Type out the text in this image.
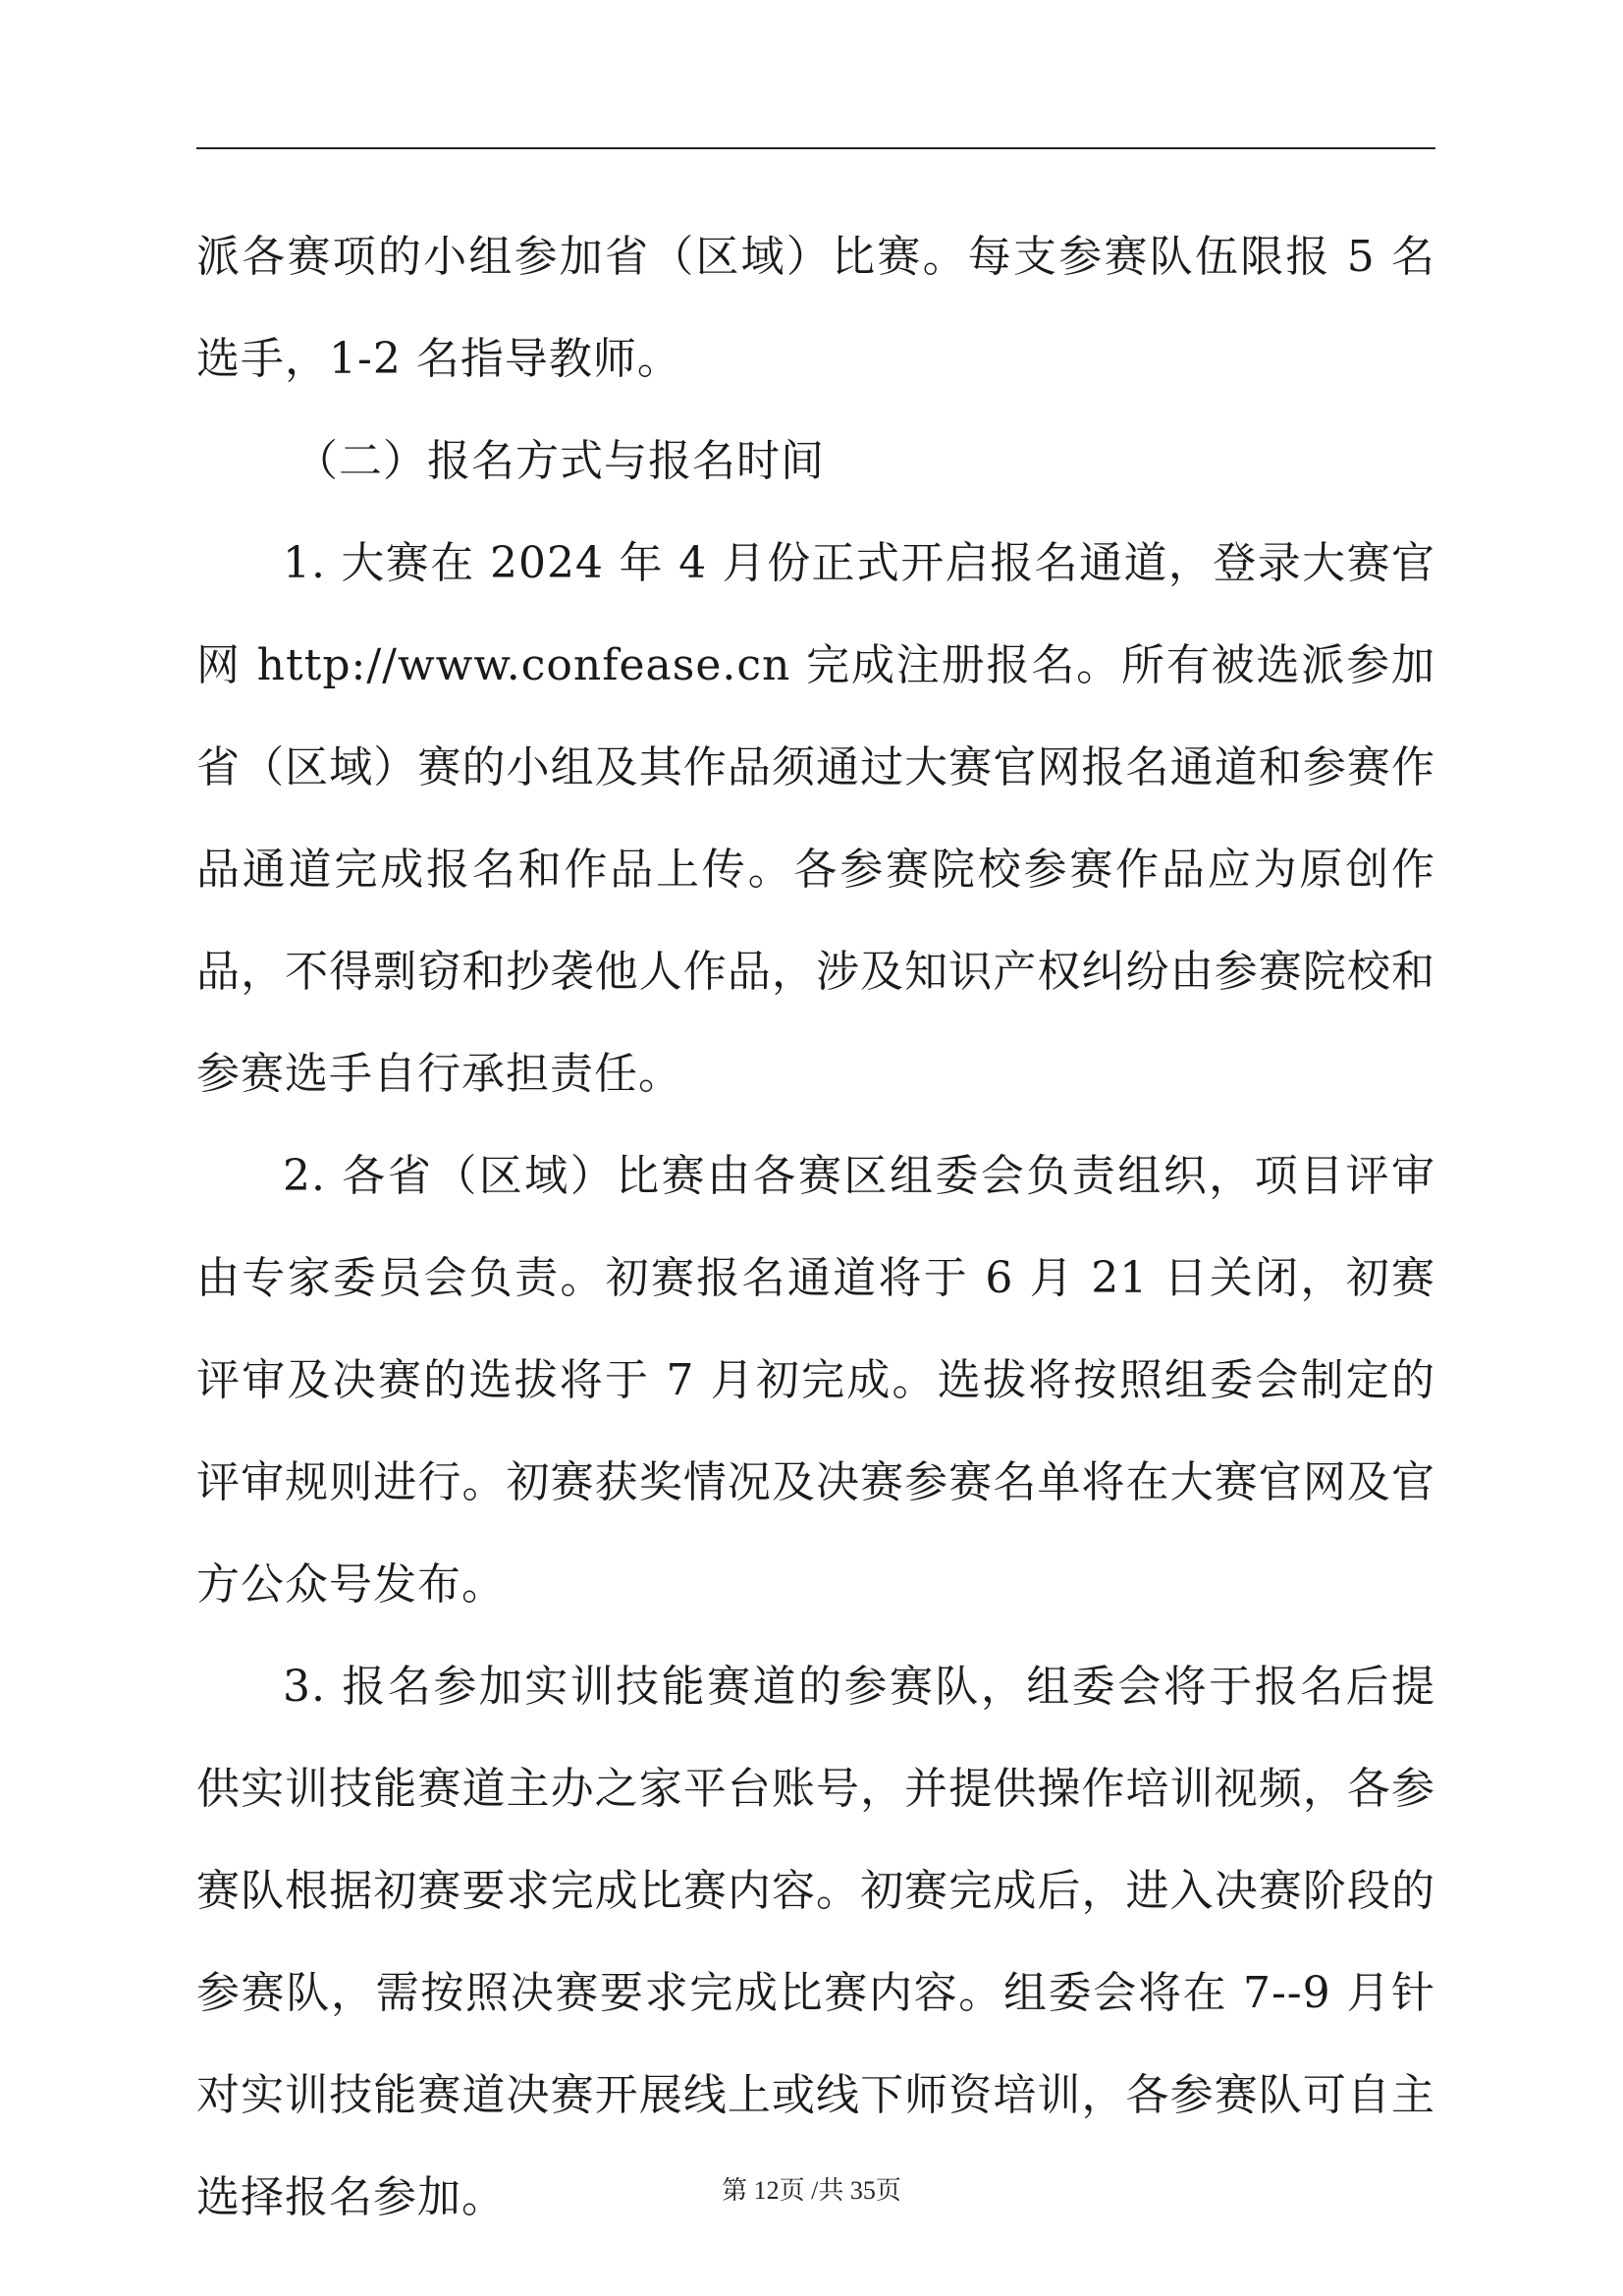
派各赛项的小组参加省（区域）比赛。每支参赛队伍限报 5 名选手，1-2 名指导教师。

（二）报名方式与报名时间

1. 大赛在 2024 年 4 月份正式开启报名通道，登录大赛官网 http://www.confease.cn 完成注册报名。所有被选派参加省（区域）赛的小组及其作品须通过大赛官网报名通道和参赛作品通道完成报名和作品上传。各参赛院校参赛作品应为原创作品，不得剽窃和抄袭他人作品，涉及知识产权纠纷由参赛院校和参赛选手自行承担责任。

2. 各省（区域）比赛由各赛区组委会负责组织，项目评审由专家委员会负责。初赛报名通道将于 6 月 21 日关闭，初赛评审及决赛的选拔将于 7 月初完成。选拔将按照组委会制定的评审规则进行。初赛获奖情况及决赛参赛名单将在大赛官网及官方公众号发布。

3. 报名参加实训技能赛道的参赛队，组委会将于报名后提供实训技能赛道主办之家平台账号，并提供操作培训视频，各参赛队根据初赛要求完成比赛内容。初赛完成后，进入决赛阶段的参赛队，需按照决赛要求完成比赛内容。组委会将在 7--9 月针对实训技能赛道决赛开展线上或线下师资培训，各参赛队可自主选择报名参加。	第 12页 /共 35页
